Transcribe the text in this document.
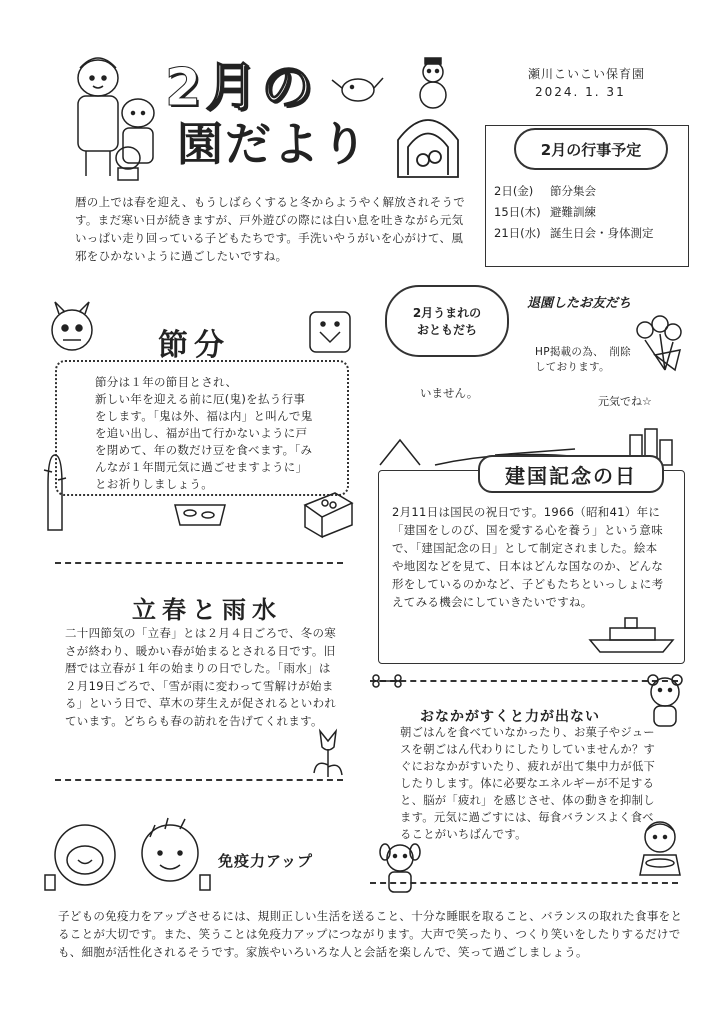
2月の
園だより
瀬川こいこい保育園
2024. 1. 31
2月の行事予定
2日(金) 節分集会
15日(木) 避難訓練
21日(水) 誕生日会・身体測定
暦の上では春を迎え、もうしばらくすると冬からようやく解放されそうです。まだ寒い日が続きますが、戸外遊びの際には白い息を吐きながら元気いっぱい走り回っている子どもたちです。手洗いやうがいを心がけて、風邪をひかないように過ごしたいですね。
節分
節分は１年の節目とされ、
新しい年を迎える前に厄(鬼)を払う行事をします。「鬼は外、福は内」と叫んで鬼を追い出し、福が出て行かないように戸を閉めて、年の数だけ豆を食べます。「みんなが１年間元気に過ごせますように」とお祈りしましょう。
2月うまれのおともだち
いません。
退園したお友だち
HP掲載の為、　削除
しております。
元気でね☆
建国記念の日
2月11日は国民の祝日です。1966（昭和41）年に「建国をしのび、国を愛する心を養う」という意味で、「建国記念の日」として制定されました。絵本や地図などを見て、日本はどんな国なのか、どんな形をしているのかなど、子どもたちといっしょに考えてみる機会にしていきたいですね。
立春と雨水
二十四節気の「立春」とは２月４日ごろで、冬の寒さが終わり、暖かい春が始まるとされる日です。旧暦では立春が１年の始まりの日でした。「雨水」は２月19日ごろで、「雪が雨に変わって雪解けが始まる」という日で、草木の芽生えが促されるといわれています。どちらも春の訪れを告げてくれます。	おなかがすくと力が出ない
朝ごはんを食べていなかったり、お菓子やジュースを朝ごはん代わりにしたりしていませんか？すぐにおなかがすいたり、疲れが出て集中力が低下したりします。体に必要なエネルギーが不足すると、脳が「疲れ」を感じさせ、体の動きを抑制します。元気に過ごすには、毎食バランスよく食べることがいちばんです。
免疫力アップ
子どもの免疫力をアップさせるには、規則正しい生活を送ること、十分な睡眠を取ること、バランスの取れた食事をとることが大切です。また、笑うことは免疫力アップにつながります。大声で笑ったり、つくり笑いをしたりするだけでも、細胞が活性化されるそうです。家族やいろいろな人と会話を楽しんで、笑って過ごしましょう。
